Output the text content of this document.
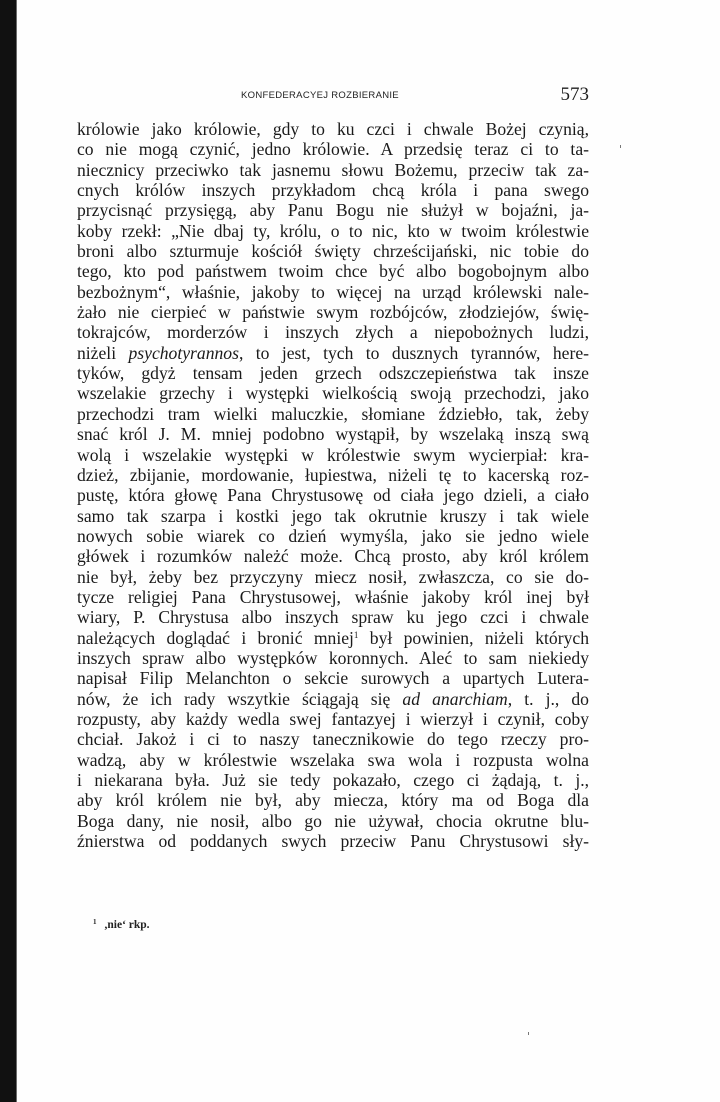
KONFEDERACYEJ ROZBIERANIE	573
królowie jako królowie, gdy to ku czci i chwale Bożej czynią,
co nie mogą czynić, jedno królowie. A przedsię teraz ci to ta-
niecznicy przeciwko tak jasnemu słowu Bożemu, przeciw tak za-
cnych królów inszych przykładom chcą króla i pana swego
przycisnąć przysięgą, aby Panu Bogu nie służył w bojaźni, ja-
koby rzekł: „Nie dbaj ty, królu, o to nic, kto w twoim królestwie
broni albo szturmuje kościół święty chrześcijański, nic tobie do
tego, kto pod państwem twoim chce być albo bogobojnym albo
bezbożnym“, właśnie, jakoby to więcej na urząd królewski nale-
żało nie cierpieć w państwie swym rozbójców, złodziejów, świę-
tokrajców, morderzów i inszych złych a niepobożnych ludzi,
niżeli psychotyrannos, to jest, tych to dusznych tyrannów, here-
tyków, gdyż tensam jeden grzech odszczepieństwa tak insze
wszelakie grzechy i występki wielkością swoją przechodzi, jako
przechodzi tram wielki maluczkie, słomiane ździebło, tak, żeby
snać król J. M. mniej podobno wystąpił, by wszelaką inszą swą
wolą i wszelakie występki w królestwie swym wycierpiał: kra-
dzież, zbijanie, mordowanie, łupiestwa, niżeli tę to kacerską roz-
pustę, która głowę Pana Chrystusowę od ciała jego dzieli, a ciało
samo tak szarpa i kostki jego tak okrutnie kruszy i tak wiele
nowych sobie wiarek co dzień wymyśla, jako sie jedno wiele
główek i rozumków należć może. Chcą prosto, aby król królem
nie był, żeby bez przyczyny miecz nosił, zwłaszcza, co sie do-
tycze religiej Pana Chrystusowej, właśnie jakoby król inej był
wiary, P. Chrystusa albo inszych spraw ku jego czci i chwale
należących doglądać i bronić mniej$^1$ był powinien, niżeli których
inszych spraw albo występków koronnych. Aleć to sam niekiedy
napisał Filip Melanchton o sekcie surowych a upartych Lutera-
nów, że ich rady wszytkie ściągają się ad anarchiam, t. j., do
rozpusty, aby każdy wedla swej fantazyej i wierzył i czynił, coby
chciał. Jakoż i ci to naszy tanecznikowie do tego rzeczy pro-
wadzą, aby w królestwie wszelaka swa wola i rozpusta wolna
i niekarana była. Już sie tedy pokazało, czego ci żądają, t. j.,
aby król królem nie był, aby miecza, który ma od Boga dla
Boga dany, nie nosił, albo go nie używał, chocia okrutne blu-
źnierstwa od poddanych swych przeciw Panu Chrystusowi sły-
$^1$ ,nie‘ rkp.
